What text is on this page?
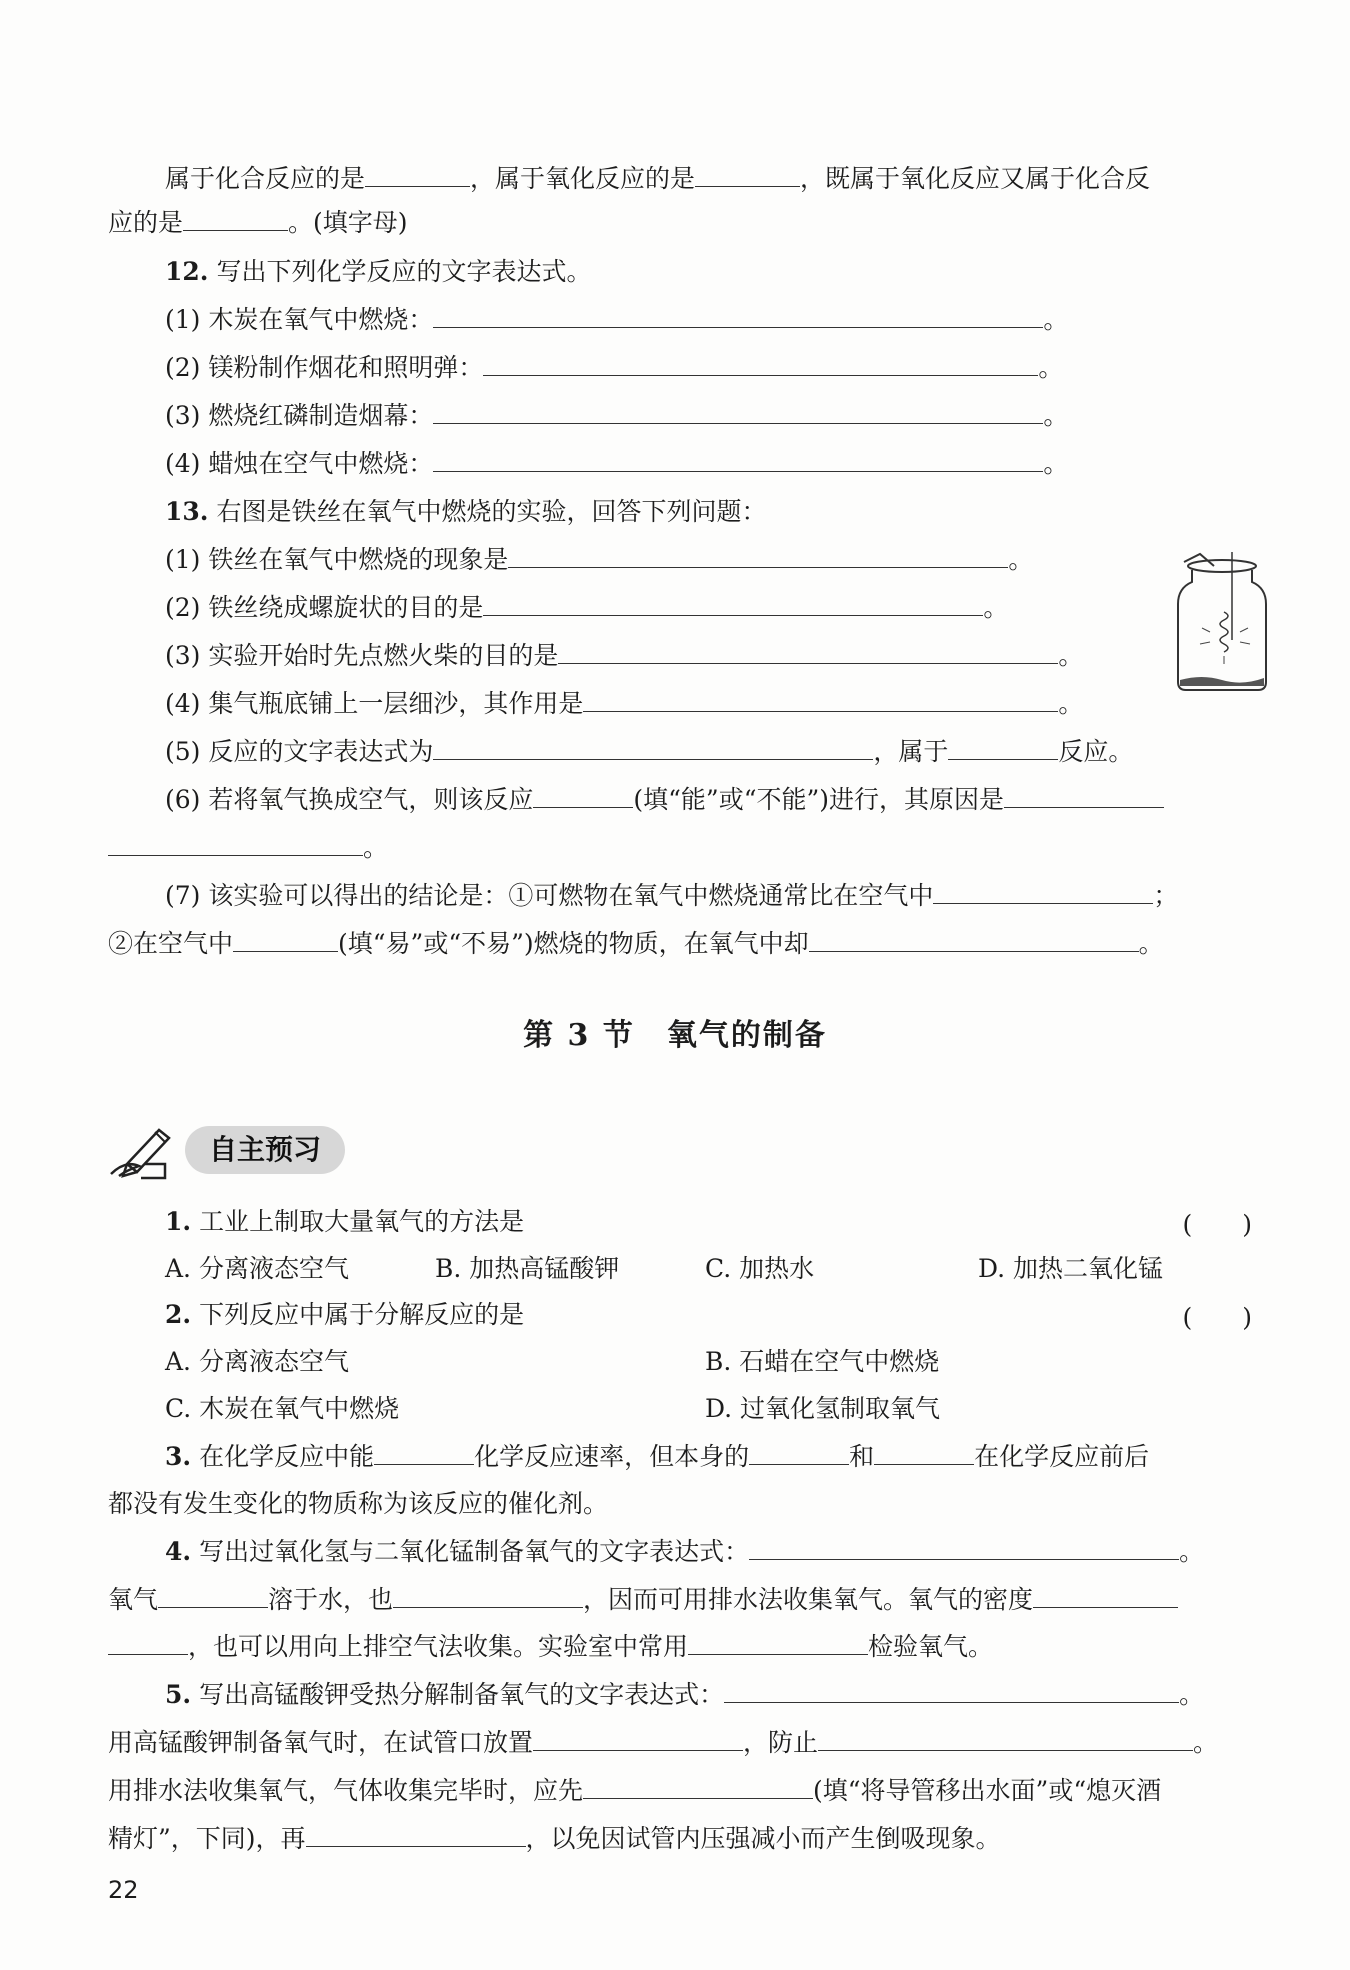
属于化合反应的是	，属于氧化反应的是	，既属于氧化反应又属于化合反
应的是	。(填字母)
12. 写出下列化学反应的文字表达式。
(1) 木炭在氧气中燃烧：	。
(2) 镁粉制作烟花和照明弹：	。
(3) 燃烧红磷制造烟幕：	。
(4) 蜡烛在空气中燃烧：	。
13. 右图是铁丝在氧气中燃烧的实验，回答下列问题：
(1) 铁丝在氧气中燃烧的现象是	。
(2) 铁丝绕成螺旋状的目的是	。
(3) 实验开始时先点燃火柴的目的是	。
(4) 集气瓶底铺上一层细沙，其作用是	。
(5) 反应的文字表达式为	，属于	反应。
(6) 若将氧气换成空气，则该反应	(填“能”或“不能”)进行，其原因是
。
(7) 该实验可以得出的结论是：①可燃物在氧气中燃烧通常比在空气中	；
②在空气中	(填“易”或“不易”)燃烧的物质，在氧气中却	。
第 3 节　氧气的制备
自主预习
1. 工业上制取大量氧气的方法是	(　　)
A. 分离液态空气	B. 加热高锰酸钾	C. 加热水	D. 加热二氧化锰
2. 下列反应中属于分解反应的是	(　　)
A. 分离液态空气	B. 石蜡在空气中燃烧
C. 木炭在氧气中燃烧	D. 过氧化氢制取氧气
3. 在化学反应中能	化学反应速率，但本身的	和	在化学反应前后
都没有发生变化的物质称为该反应的催化剂。
4. 写出过氧化氢与二氧化锰制备氧气的文字表达式：	。
氧气	溶于水，也	，因而可用排水法收集氧气。氧气的密度
，也可以用向上排空气法收集。实验室中常用	检验氧气。
5. 写出高锰酸钾受热分解制备氧气的文字表达式：	。
用高锰酸钾制备氧气时，在试管口放置	，防止	。
用排水法收集氧气，气体收集完毕时，应先	(填“将导管移出水面”或“熄灭酒
精灯”，下同)，再	，以免因试管内压强减小而产生倒吸现象。
22
